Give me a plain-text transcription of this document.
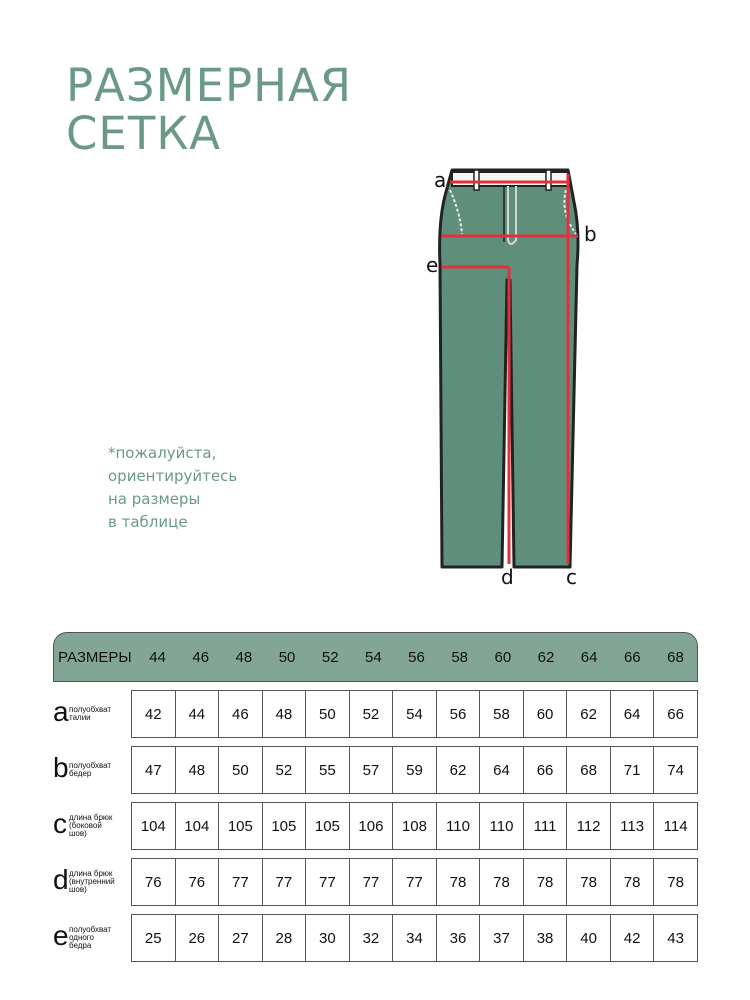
РАЗМЕРНАЯ
СЕТКА
a
b
e
d	c
*пожалуйста,
ориентируйтесь
на размеры
в таблице
РАЗМЕРЫ	44	46	48	50	52	54	56	58	60	62	64	66	68
a полуобхват
талии	42	44	46	48	50	52	54	56	58	60	62	64	66
b полуобхват
бедер	47	48	50	52	55	57	59	62	64	66	68	71	74
c длина брюк
(боковой
шов)	104	104	105	105	105	106	108	110	110	111	112	113	114
d длина брюк
(внутренний
шов)	76	76	77	77	77	77	77	78	78	78	78	78	78
e полуобхват
одного
бедра	25	26	27	28	30	32	34	36	37	38	40	42	43
